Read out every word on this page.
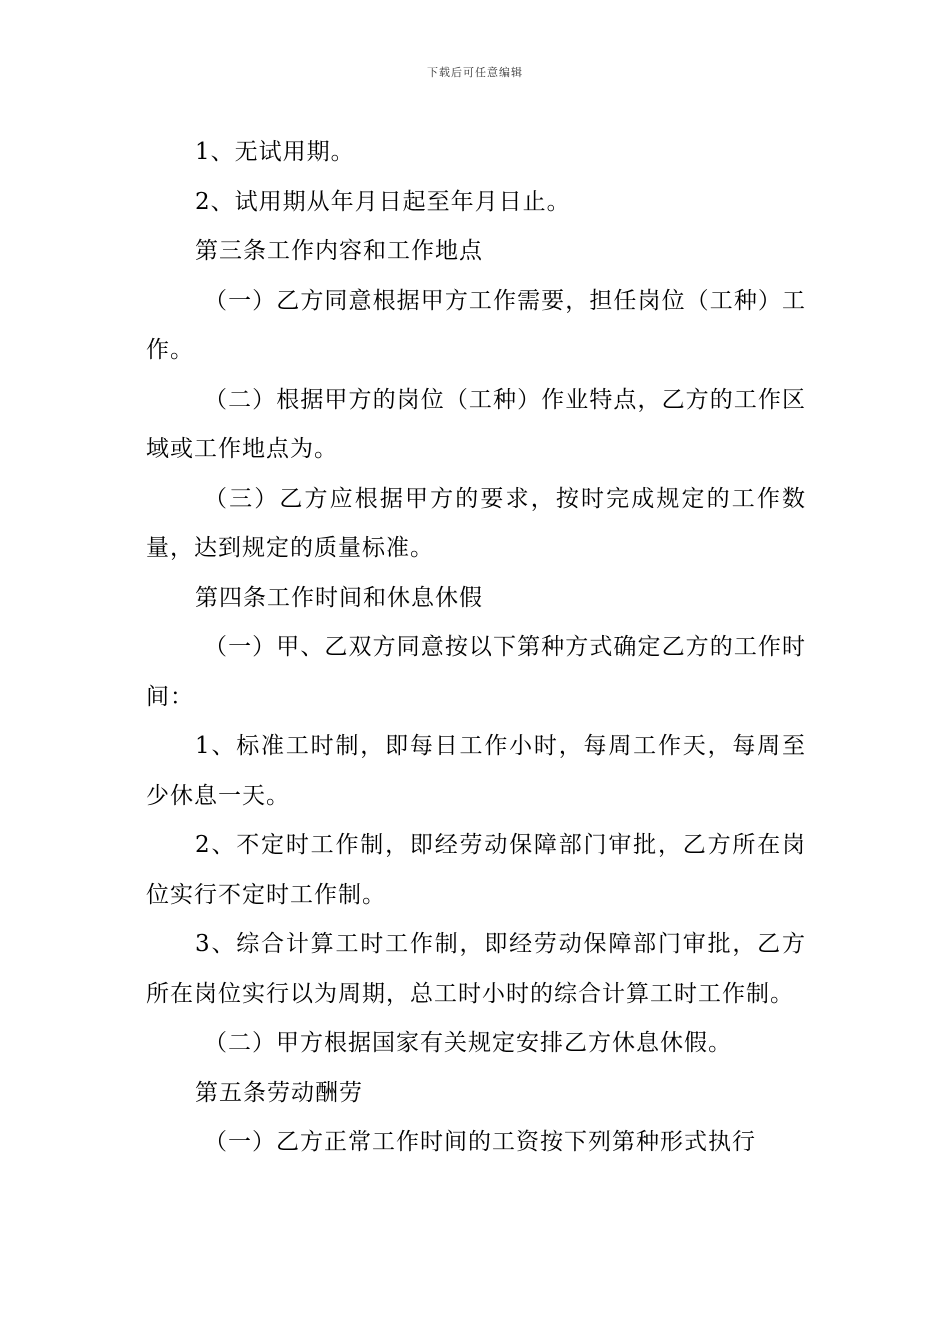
下载后可任意编辑

1、无试用期。

2、试用期从年月日起至年月日止。

第三条工作内容和工作地点

（一）乙方同意根据甲方工作需要，担任岗位（工种）工作。

（二）根据甲方的岗位（工种）作业特点，乙方的工作区域或工作地点为。

（三）乙方应根据甲方的要求，按时完成规定的工作数量，达到规定的质量标准。

第四条工作时间和休息休假

（一）甲、乙双方同意按以下第种方式确定乙方的工作时间：

1、标准工时制，即每日工作小时，每周工作天，每周至少休息一天。

2、不定时工作制，即经劳动保障部门审批，乙方所在岗位实行不定时工作制。

3、综合计算工时工作制，即经劳动保障部门审批，乙方所在岗位实行以为周期，总工时小时的综合计算工时工作制。

（二）甲方根据国家有关规定安排乙方休息休假。

第五条劳动酬劳

（一）乙方正常工作时间的工资按下列第种形式执行
